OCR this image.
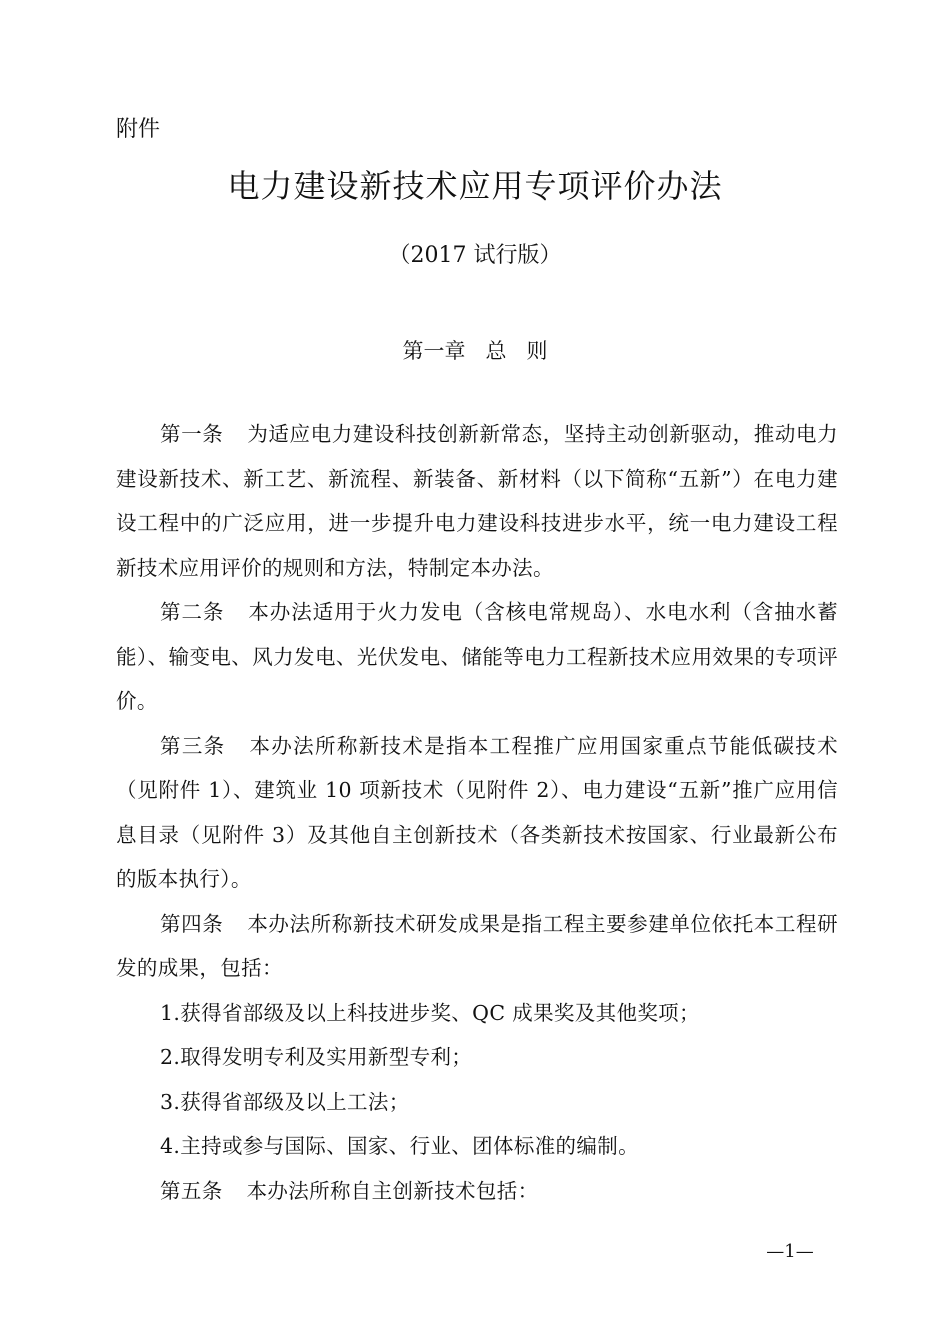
附件
电力建设新技术应用专项评价办法
（2017 试行版）
第一章   总   则

第一条 为适应电力建设科技创新新常态，坚持主动创新驱动，推动电力建设新技术、新工艺、新流程、新装备、新材料（以下简称“五新”）在电力建设工程中的广泛应用，进一步提升电力建设科技进步水平，统一电力建设工程新技术应用评价的规则和方法，特制定本办法。

第二条 本办法适用于火力发电（含核电常规岛）、水电水利（含抽水蓄能）、输变电、风力发电、光伏发电、储能等电力工程新技术应用效果的专项评价。

第三条 本办法所称新技术是指本工程推广应用国家重点节能低碳技术（见附件 1）、建筑业 10 项新技术（见附件 2）、电力建设“五新”推广应用信息目录（见附件 3）及其他自主创新技术（各类新技术按国家、行业最新公布的版本执行）。

第四条 本办法所称新技术研发成果是指工程主要参建单位依托本工程研发的成果，包括：

1.获得省部级及以上科技进步奖、QC 成果奖及其他奖项；

2.取得发明专利及实用新型专利；

3.获得省部级及以上工法；

4.主持或参与国际、国家、行业、团体标准的编制。

第五条 本办法所称自主创新技术包括：

—1—
